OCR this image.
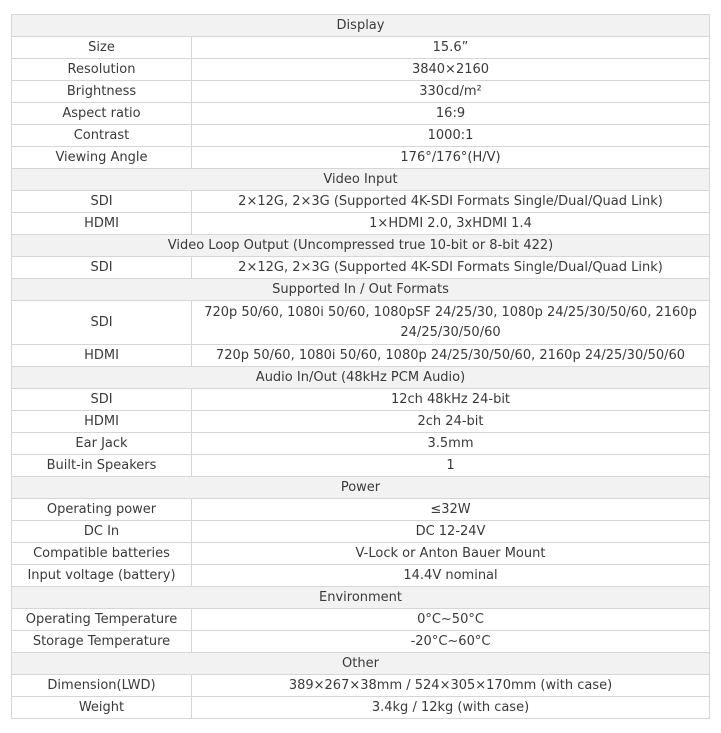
Display	
Size	15.6”
Resolution	3840×2160
Brightness	330cd/m²
Aspect ratio	16:9
Contrast	1000:1
Viewing Angle	176°/176°(H/V)
Video Input	
SDI	2×12G, 2×3G (Supported 4K-SDI Formats Single/Dual/Quad Link)
HDMI	1×HDMI 2.0, 3xHDMI 1.4
Video Loop Output (Uncompressed true 10-bit or 8-bit 422)	
SDI	2×12G, 2×3G (Supported 4K-SDI Formats Single/Dual/Quad Link)
Supported In / Out Formats	
SDI	720p 50/60, 1080i 50/60, 1080pSF 24/25/30, 1080p 24/25/30/50/60, 2160p 24/25/30/50/60
HDMI	720p 50/60, 1080i 50/60, 1080p 24/25/30/50/60, 2160p 24/25/30/50/60
Audio In/Out (48kHz PCM Audio)	
SDI	12ch 48kHz 24-bit
HDMI	2ch 24-bit
Ear Jack	3.5mm
Built-in Speakers	1
Power	
Operating power	≤32W
DC In	DC 12-24V
Compatible batteries	V-Lock or Anton Bauer Mount
Input voltage (battery)	14.4V nominal
Environment	
Operating Temperature	0°C~50°C
Storage Temperature	-20°C~60°C
Other	
Dimension(LWD)	389×267×38mm / 524×305×170mm (with case)
Weight	3.4kg / 12kg (with case)
